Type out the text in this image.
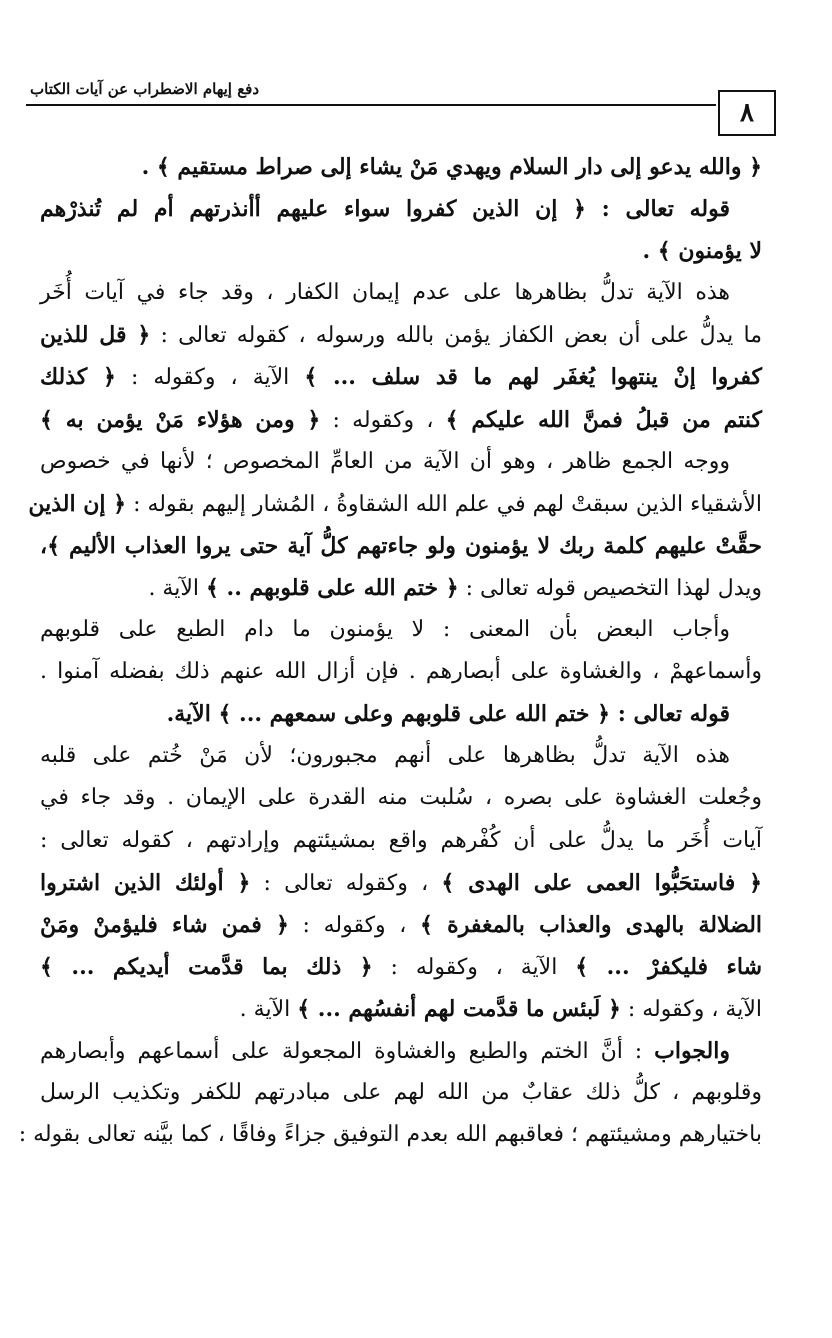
دفع إيهام الاضطراب عن آيات الكتاب
٨
﴿ والله يدعو إلى دار السلام ويهدي مَنْ يشاء إلى صراط مستقيم ﴾ .
قوله تعالى : ﴿ إن الذين كفروا سواء عليهم أأنذرتهم أم لم تُنذرْهم
لا يؤمنون ﴾ .
هذه الآية تدلُّ بظاهرها على عدم إيمان الكفار ، وقد جاء في آيات أُخَر
ما يدلُّ على أن بعض الكفاز يؤمن بالله ورسوله ، كقوله تعالى : ﴿ قل للذين
كفروا إنْ ينتهوا يُغفَر لهم ما قد سلف ... ﴾ الآية ، وكقوله : ﴿ كذلك
كنتم من قبلُ فمنَّ الله عليكم ﴾ ، وكقوله : ﴿ ومن هؤلاء مَنْ يؤمن به ﴾
ووجه الجمع ظاهر ، وهو أن الآية من العامِّ المخصوص ؛ لأنها في خصوص
الأشقياء الذين سبقتْ لهم في علم الله الشقاوةُ ، المُشار إليهم بقوله : ﴿ إن الذين
حقَّتْ عليهم كلمة ربك لا يؤمنون ولو جاءتهم كلُّ آية حتى يروا العذاب الأليم ﴾،
ويدل لهذا التخصيص قوله تعالى : ﴿ ختم الله على قلوبهم .. ﴾ الآية .
وأجاب البعض بأن المعنى : لا يؤمنون ما دام الطبع على قلوبهم
وأسماعهمْ ، والغشاوة على أبصارهم . فإن أزال الله عنهم ذلك بفضله آمنوا .
قوله تعالى : ﴿ ختم الله على قلوبهم وعلى سمعهم ... ﴾ الآية.
هذه الآية تدلُّ بظاهرها على أنهم مجبورون؛ لأن مَنْ خُتم على قلبه
وجُعلت الغشاوة على بصره ، سُلبت منه القدرة على الإيمان . وقد جاء في
آيات أُخَر ما يدلُّ على أن كُفْرهم واقع بمشيئتهم وإرادتهم ، كقوله تعالى :
﴿ فاستحَبُّوا العمى على الهدى ﴾ ، وكقوله تعالى : ﴿ أولئك الذين اشتروا
الضلالة بالهدى والعذاب بالمغفرة ﴾ ، وكقوله : ﴿ فمن شاء فليؤمنْ ومَنْ
شاء فليكفرْ ... ﴾ الآية ، وكقوله : ﴿ ذلك بما قدَّمت أيديكم ... ﴾
الآية ، وكقوله : ﴿ لَبئس ما قدَّمت لهم أنفسُهم ... ﴾ الآية .
والجواب : أنَّ الختم والطبع والغشاوة المجعولة على أسماعهم وأبصارهم
وقلوبهم ، كلُّ ذلك عقابٌ من الله لهم على مبادرتهم للكفر وتكذيب الرسل
باختيارهم ومشيئتهم ؛ فعاقبهم الله بعدم التوفيق جزاءً وفاقًا ، كما بيَّنه تعالى بقوله :
